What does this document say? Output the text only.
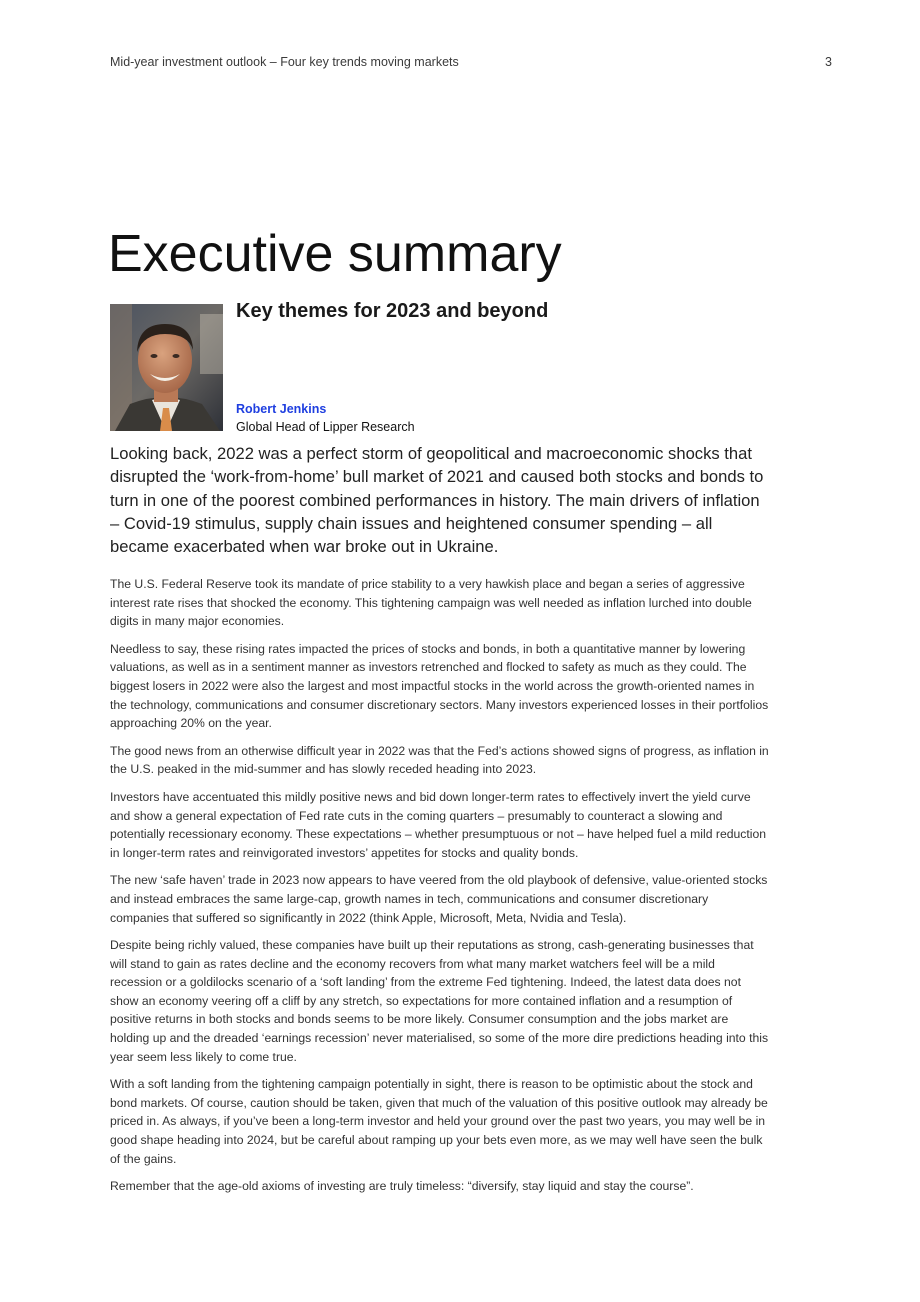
Mid-year investment outlook – Four key trends moving markets	3
Executive summary
Key themes for 2023 and beyond
Robert Jenkins
Global Head of Lipper Research

Looking back, 2022 was a perfect storm of geopolitical and macroeconomic shocks that disrupted the ‘work-from-home’ bull market of 2021 and caused both stocks and bonds to turn in one of the poorest combined performances in history. The main drivers of inflation – Covid-19 stimulus, supply chain issues and heightened consumer spending – all became exacerbated when war broke out in Ukraine.

The U.S. Federal Reserve took its mandate of price stability to a very hawkish place and began a series of aggressive interest rate rises that shocked the economy. This tightening campaign was well needed as inflation lurched into double digits in many major economies.

Needless to say, these rising rates impacted the prices of stocks and bonds, in both a quantitative manner by lowering valuations, as well as in a sentiment manner as investors retrenched and flocked to safety as much as they could. The biggest losers in 2022 were also the largest and most impactful stocks in the world across the growth-oriented names in the technology, communications and consumer discretionary sectors. Many investors experienced losses in their portfolios approaching 20% on the year.

The good news from an otherwise difficult year in 2022 was that the Fed’s actions showed signs of progress, as inflation in the U.S. peaked in the mid-summer and has slowly receded heading into 2023.

Investors have accentuated this mildly positive news and bid down longer-term rates to effectively invert the yield curve and show a general expectation of Fed rate cuts in the coming quarters – presumably to counteract a slowing and potentially recessionary economy. These expectations – whether presumptuous or not – have helped fuel a mild reduction in longer-term rates and reinvigorated investors’ appetites for stocks and quality bonds.

The new ‘safe haven’ trade in 2023 now appears to have veered from the old playbook of defensive, value-oriented stocks and instead embraces the same large-cap, growth names in tech, communications and consumer discretionary companies that suffered so significantly in 2022 (think Apple, Microsoft, Meta, Nvidia and Tesla).

Despite being richly valued, these companies have built up their reputations as strong, cash-generating businesses that will stand to gain as rates decline and the economy recovers from what many market watchers feel will be a mild recession or a goldilocks scenario of a ‘soft landing’ from the extreme Fed tightening. Indeed, the latest data does not show an economy veering off a cliff by any stretch, so expectations for more contained inflation and a resumption of positive returns in both stocks and bonds seems to be more likely. Consumer consumption and the jobs market are holding up and the dreaded ‘earnings recession’ never materialised, so some of the more dire predictions heading into this year seem less likely to come true.

With a soft landing from the tightening campaign potentially in sight, there is reason to be optimistic about the stock and bond markets. Of course, caution should be taken, given that much of the valuation of this positive outlook may already be priced in. As always, if you’ve been a long-term investor and held your ground over the past two years, you may well be in good shape heading into 2024, but be careful about ramping up your bets even more, as we may well have seen the bulk of the gains.

Remember that the age-old axioms of investing are truly timeless: “diversify, stay liquid and stay the course”.
